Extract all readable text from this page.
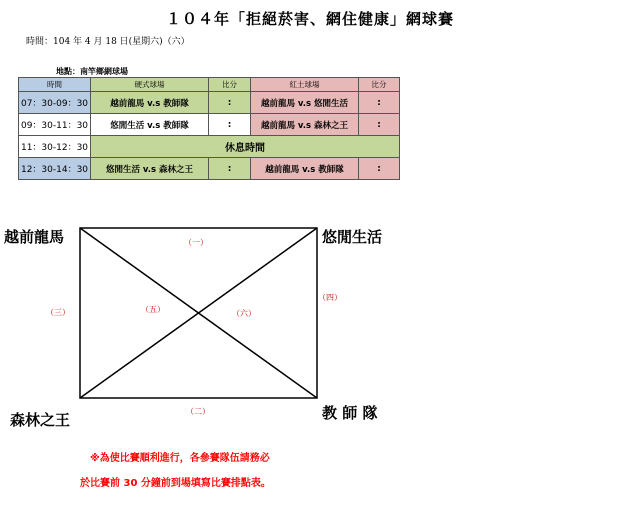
１０４年「拒絕菸害、網住健康」網球賽
時間：104 年 4 月 18 日(星期六)（六）
地點：南竿鄉網球場
時間	硬式球場	比分	紅土球場	比分
07：30-09：30	越前龍馬 v.s 教師隊	:	越前龍馬 v.s 悠閒生活	:
09：30-11：30	悠閒生活 v.s 教師隊	:	越前龍馬 v.s 森林之王	:
11：30-12：30	休息時間			
12：30-14：30	悠閒生活 v.s 森林之王	:	越前龍馬 v.s 教師隊	:
越前龍馬	悠閒生活
森林之王	教 師 隊
（一）
（二）
（三）
（四）
（五）	（六）
※為使比賽順利進行，各參賽隊伍請務必
於比賽前 30 分鐘前到場填寫比賽排點表。
